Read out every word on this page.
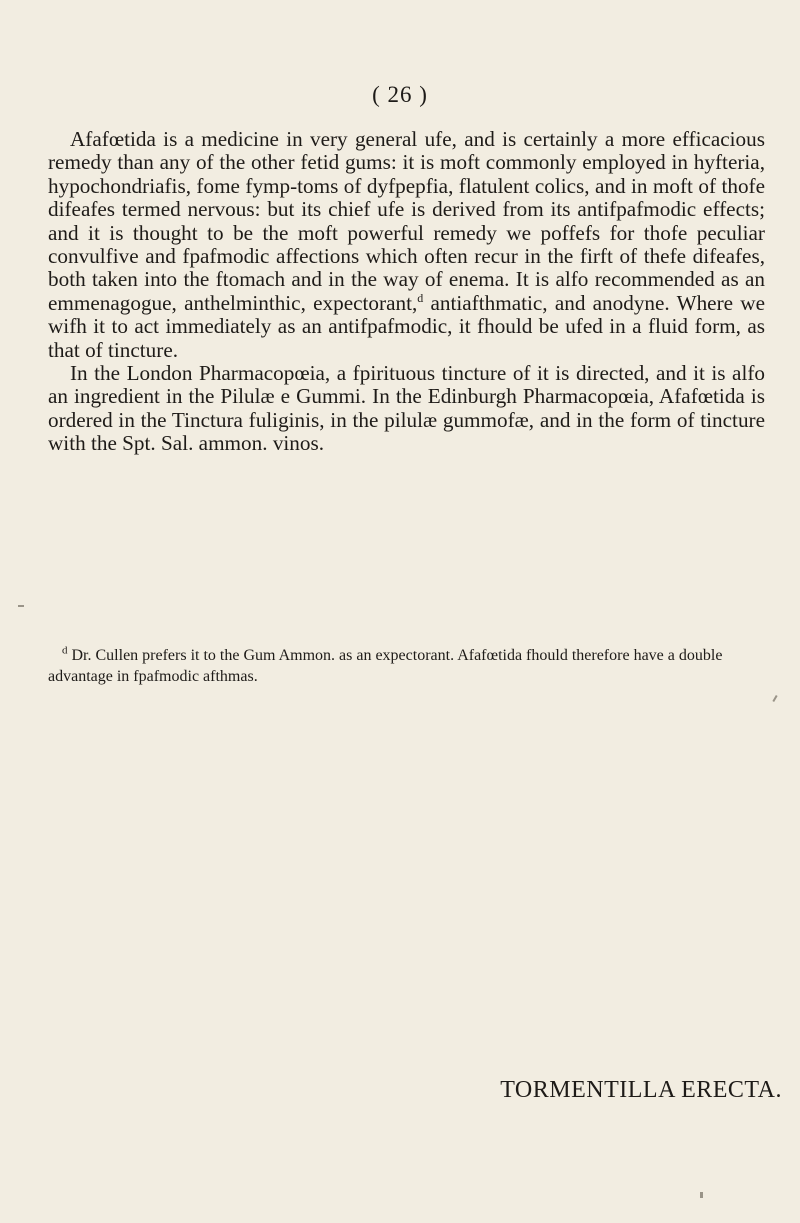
( 26 )

Afafœtida is a medicine in very general ufe, and is certainly a more efficacious remedy than any of the other fetid gums: it is moft commonly employed in hyfteria, hypochondriafis, fome fymp-toms of dyfpepfia, flatulent colics, and in moft of thofe difeafes termed nervous: but its chief ufe is derived from its antifpafmodic effects; and it is thought to be the moft powerful remedy we poffefs for thofe peculiar convulfive and fpafmodic affections which often recur in the firft of thefe difeafes, both taken into the ftomach and in the way of enema. It is alfo recommended as an emmenagogue, anthelminthic, expectorant,$^d$ antiafthmatic, and anodyne. Where we wifh it to act immediately as an antifpafmodic, it fhould be ufed in a fluid form, as that of tincture.

In the London Pharmacopœia, a fpirituous tincture of it is directed, and it is alfo an ingredient in the Pilulæ e Gummi. In the Edinburgh Pharmacopœia, Afafœtida is ordered in the Tinctura fuliginis, in the pilulæ gummofæ, and in the form of tincture with the Spt. Sal. ammon. vinos.

$^d$ Dr. Cullen prefers it to the Gum Ammon. as an expectorant. Afafœtida fhould therefore have a double advantage in fpafmodic afthmas.

TORMENTILLA ERECTA.
